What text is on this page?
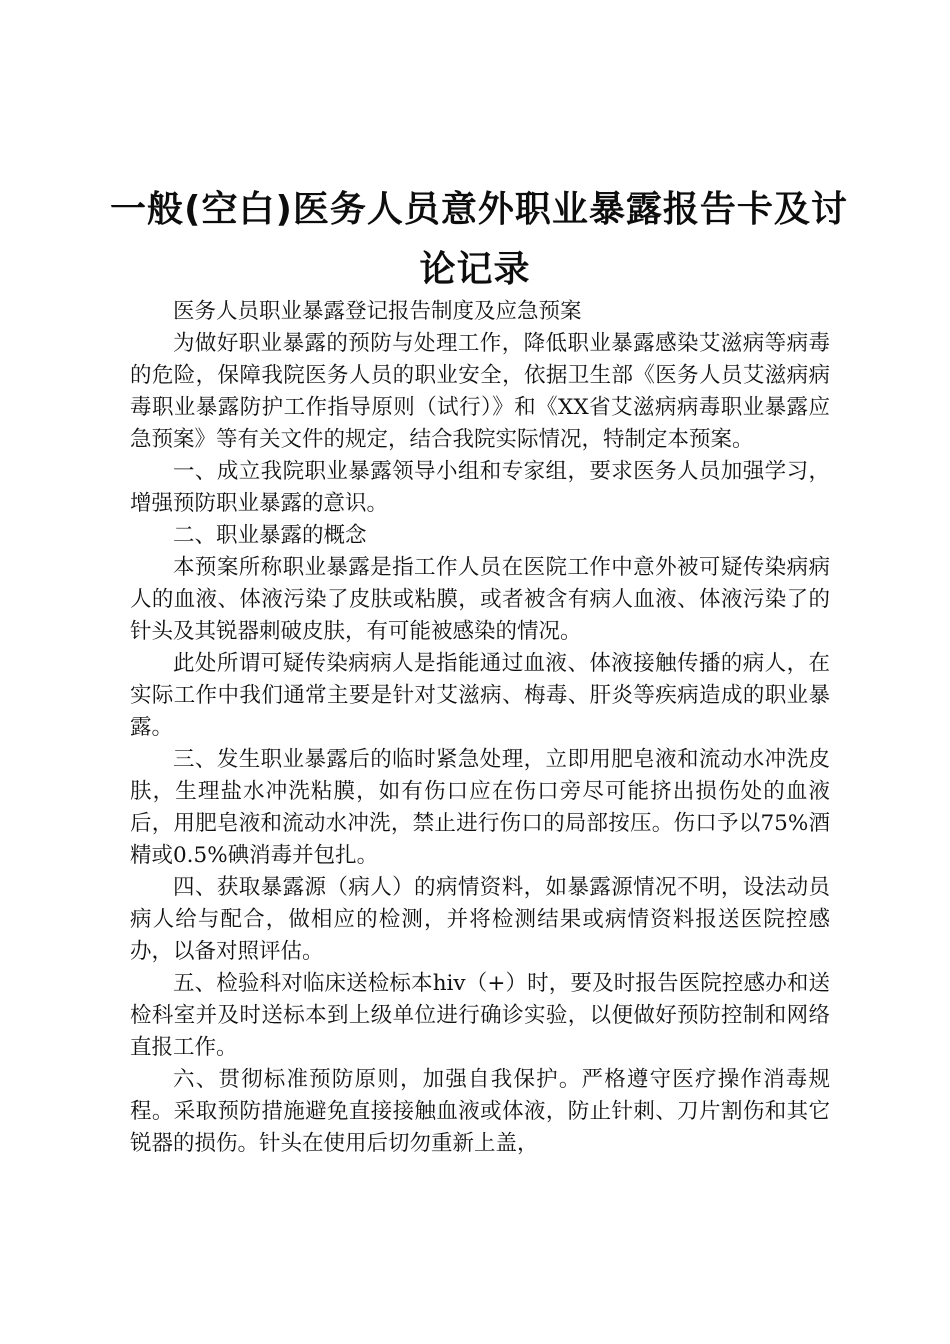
一般(空白)医务人员意外职业暴露报告卡及讨
论记录

医务人员职业暴露登记报告制度及应急预案

为做好职业暴露的预防与处理工作，降低职业暴露感染艾滋病等病毒的危险，保障我院医务人员的职业安全，依据卫生部《医务人员艾滋病病毒职业暴露防护工作指导原则（试行）》和《XX省艾滋病病毒职业暴露应急预案》等有关文件的规定，结合我院实际情况，特制定本预案。

一、成立我院职业暴露领导小组和专家组，要求医务人员加强学习，增强预防职业暴露的意识。

二、职业暴露的概念

本预案所称职业暴露是指工作人员在医院工作中意外被可疑传染病病人的血液、体液污染了皮肤或粘膜，或者被含有病人血液、体液污染了的针头及其锐器刺破皮肤，有可能被感染的情况。

此处所谓可疑传染病病人是指能通过血液、体液接触传播的病人，在实际工作中我们通常主要是针对艾滋病、梅毒、肝炎等疾病造成的职业暴露。

三、发生职业暴露后的临时紧急处理，立即用肥皂液和流动水冲洗皮肤，生理盐水冲洗粘膜，如有伤口应在伤口旁尽可能挤出损伤处的血液后，用肥皂液和流动水冲洗，禁止进行伤口的局部按压。伤口予以75%酒精或0.5%碘消毒并包扎。

四、获取暴露源（病人）的病情资料，如暴露源情况不明，设法动员病人给与配合，做相应的检测，并将检测结果或病情资料报送医院控感办，以备对照评估。

五、检验科对临床送检标本hiv（+）时，要及时报告医院控感办和送检科室并及时送标本到上级单位进行确诊实验，以便做好预防控制和网络直报工作。

六、贯彻标准预防原则，加强自我保护。严格遵守医疗操作消毒规程。采取预防措施避免直接接触血液或体液，防止针刺、刀片割伤和其它锐器的损伤。针头在使用后切勿重新上盖，
